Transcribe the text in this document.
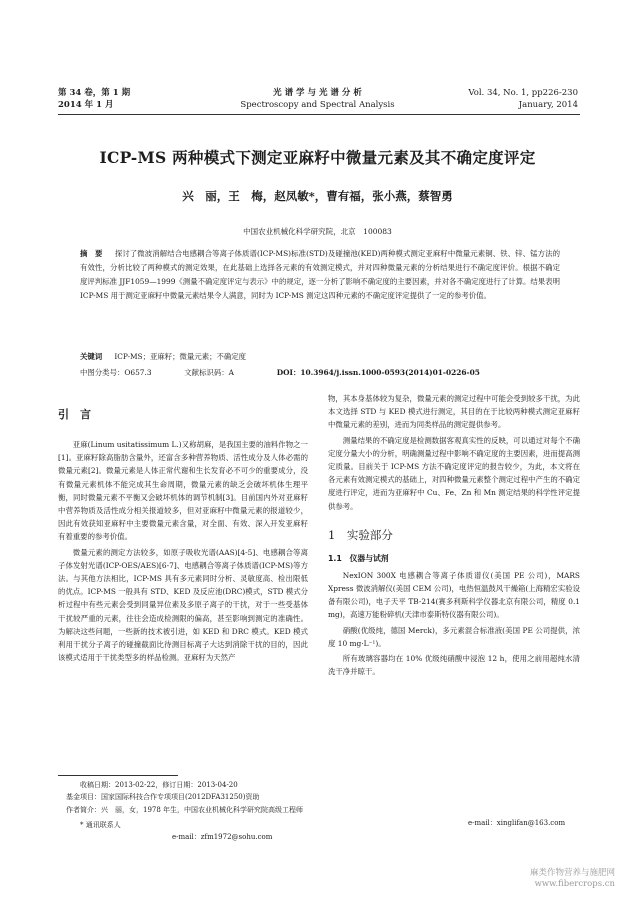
第 34 卷，第 1 期
2014 年 1 月
光 谱 学 与 光 谱 分 析
Spectroscopy and Spectral Analysis
Vol. 34, No. 1, pp226-230
January, 2014
ICP-MS 两种模式下测定亚麻籽中微量元素及其不确定度评定
兴　丽，王　梅，赵凤敏*，曹有福，张小燕，蔡智勇
中国农业机械化科学研究院，北京　100083

摘　要 　 探讨了微波消解结合电感耦合等离子体质谱(ICP-MS)标准(STD)及碰撞池(KED)两种模式测定亚麻籽中微量元素铜、铁、锌、锰方法的有效性，分析比较了两种模式的测定效果，在此基础上选择各元素的有效测定模式，并对四种微量元素的分析结果进行不确定度评价。根据不确定度评判标准 JJF1059—1999《测量不确定度评定与表示》中的规定，逐一分析了影响不确定度的主要因素，并对各不确定度进行了计算。结果表明 ICP-MS 用于测定亚麻籽中微量元素结果令人满意，同时为 ICP-MS 测定这四种元素的不确定度评定提供了一定的参考价值。

关键词 　 ICP-MS；亚麻籽；微量元素；不确定度
中图分类号：O657.3	文献标识码：A	DOI：10.3964/j.issn.1000-0593(2014)01-0226-05
引　言

亚麻(Linum usitatissimum L.)又称胡麻，是我国主要的油料作物之一[1]。亚麻籽除高脂肪含量外，还富含多种营养物质、活性成分及人体必需的微量元素[2]。微量元素是人体正常代谢和生长发育必不可少的重要成分，没有微量元素机体不能完成其生命周期，微量元素的缺乏会破坏机体生理平衡，同时微量元素不平衡又会破坏机体的调节机制[3]。目前国内外对亚麻籽中营养物质及活性成分相关报道较多，但对亚麻籽中微量元素的报道较少，因此有效获知亚麻籽中主要微量元素含量，对全面、有效、深入开发亚麻籽有着重要的参考价值。

微量元素的测定方法较多，如原子吸收光谱(AAS)[4-5]、电感耦合等离子体发射光谱(ICP-OES/AES)[6-7]、电感耦合等离子体质谱(ICP-MS)等方法。与其他方法相比，ICP-MS 具有多元素同时分析、灵敏度高、检出限低的优点。ICP-MS 一般具有 STD、KED 及反应池(DRC)模式，STD 模式分析过程中有些元素会受到同量异位素及多原子离子的干扰，对于一些受基体干扰较严重的元素，往往会造成检测限的偏高，甚至影响到测定的准确性。为解决这些问题，一些新的技术被引进，如 KED 和 DRC 模式。KED 模式利用干扰分子离子的碰撞截面比待测目标离子大达到消除干扰的目的，因此该模式适用于干扰类型多的样品检测。亚麻籽为天然产

物，其本身基体较为复杂，微量元素的测定过程中可能会受到较多干扰，为此本文选择 STD 与 KED 模式进行测定，其目的在于比较两种模式测定亚麻籽中微量元素的差别，进而为同类样品的测定提供参考。

测量结果的不确定度是检测数据客观真实性的反映，可以通过对每个不确定度分量大小的分析，明确测量过程中影响不确定度的主要因素，进而提高测定质量。目前关于 ICP-MS 方法不确定度评定的报告较少，为此，本文将在各元素有效测定模式的基础上，对四种微量元素整个测定过程中产生的不确定度进行评定，进而为亚麻籽中 Cu、Fe、Zn 和 Mn 测定结果的科学性评定提供参考。

1　实验部分
1.1　仪器与试剂

NexION 300X 电感耦合等离子体质谱仪(美国 PE 公司)，MARS Xpress 微波消解仪(美国 CEM 公司)，电热恒温鼓风干燥箱(上海精宏实验设备有限公司)，电子天平 TB-214(赛多利斯科学仪器北京有限公司，精度 0.1 mg)，高速万能粉碎机(天津市泰斯特仪器有限公司)。

硝酸(优级纯，德国 Merck)，多元素混合标准液(美国 PE 公司提供，浓度 10 mg·L⁻¹)。

所有玻璃容器均在 10% 优级纯硝酸中浸泡 12 h，使用之前用超纯水清洗干净并晾干。

收稿日期：2013-02-22，修订日期：2013-04-20
基金项目：国家国际科技合作专项项目(2012DFA31250)资助
作者简介：兴　丽，女，1978 年生，中国农业机械化科学研究院高级工程师
e-mail：xinglifan@163.com
* 通讯联系人
e-mail：zfm1972@sohu.com
麻类作物营养与施肥网
www.fibercrops.cn
